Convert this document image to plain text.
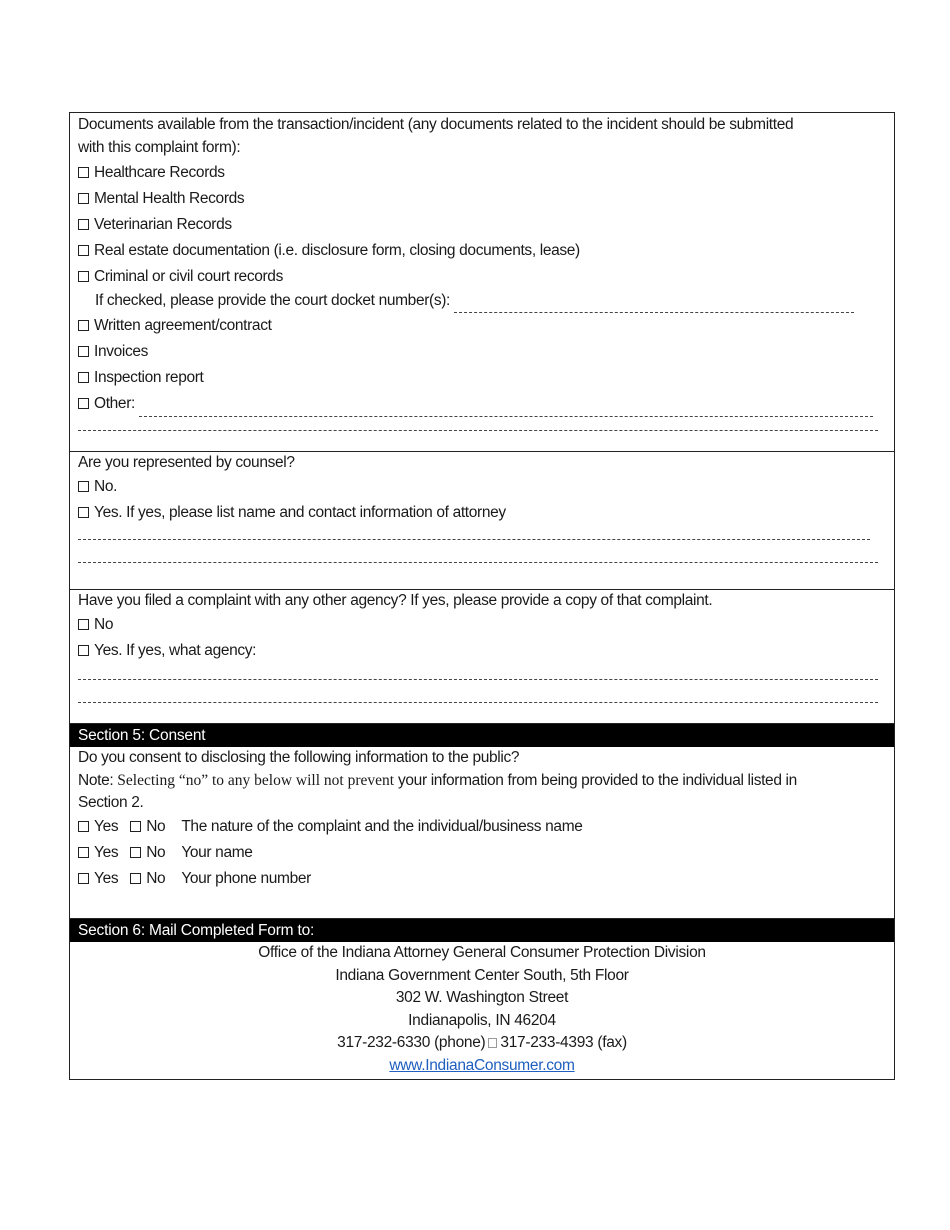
Documents available from the transaction/incident (any documents related to the incident should be submitted
with this complaint form):
Healthcare Records
Mental Health Records
Veterinarian Records
Real estate documentation (i.e. disclosure form, closing documents, lease)
Criminal or civil court records
If checked, please provide the court docket number(s):
Written agreement/contract
Invoices
Inspection report
Other:
Are you represented by counsel?
No.
Yes. If yes, please list name and contact information of attorney
Have you filed a complaint with any other agency? If yes, please provide a copy of that complaint.
No
Yes. If yes, what agency:
Section 5: Consent
Do you consent to disclosing the following information to the public?
Note: Selecting “no” to any below will not prevent your information from being provided to the individual listed in
Section 2.
Yes No The nature of the complaint and the individual/business name
Yes No Your name
Yes No Your phone number
Section 6: Mail Completed Form to:
Office of the Indiana Attorney General Consumer Protection Division
Indiana Government Center South, 5th Floor
302 W. Washington Street
Indianapolis, IN 46204
317-232-6330 (phone) 317-233-4393 (fax)
www.IndianaConsumer.com
